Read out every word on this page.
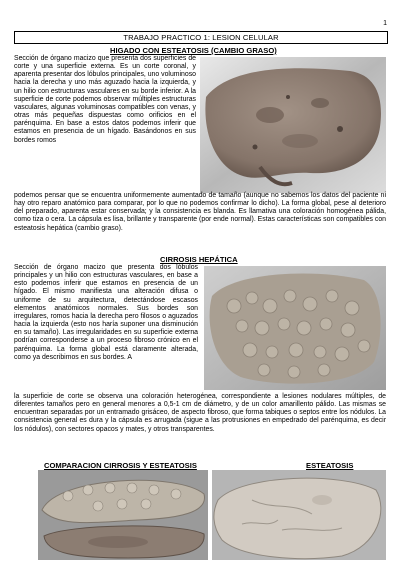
1
TRABAJO PRACTICO 1: LESION CELULAR
HIGADO CON ESTEATOSIS (CAMBIO GRASO)

Sección de órgano macizo que presenta dos superficies de corte y una superficie externa. Es un corte coronal, y aparenta presentar dos lóbulos principales, uno voluminoso hacia la derecha y uno más aguzado hacia la izquierda, y un hilio con estructuras vasculares en su borde inferior. A la superficie de corte podemos observar múltiples estructuras vasculares, algunas voluminosas compatibles con venas, y otras más pequeñas dispuestas como orificios en el parénquima. En base a estos datos podemos inferir que estamos en presencia de un hígado. Basándonos en sus bordes romos

podemos pensar que se encuentra uniformemente aumentado de tamaño (aunque no sabemos los datos del paciente ni hay otro reparo anatómico para comparar, por lo que no podemos confirmar lo dicho). La forma global, pese al deterioro del preparado, aparenta estar conservada; y la consistencia es blanda. Es llamativa una coloración homogénea pálida, como tiza o cera. La cápsula es lisa, brillante y transparente (por ende normal). Estas características son compatibles con esteatosis hepática (cambio graso).

CIRROSIS HEPÁTICA

Sección de órgano macizo que presenta dos lóbulos principales y un hilio con estructuras vasculares, en base a esto podemos inferir que estamos en presencia de un hígado. El mismo manifiesta una alteración difusa o uniforme de su arquitectura, detectándose escasos elementos anatómicos normales. Sus bordes son irregulares, romos hacia la derecha pero filosos o aguzados hacia la izquierda (esto nos haría suponer una disminución en su tamaño). Las irregularidades en su superficie externa podrían corresponderse a un proceso fibroso crónico en el parénquima. La forma global está claramente alterada, como ya describimos en sus bordes. A

la superficie de corte se observa una coloración heterogénea, correspondiente a lesiones nodulares múltiples, de diferentes tamaños pero en general menores a 0,5-1 cm de diámetro, y de un color amarillento pálido. Las mismas se encuentran separadas por un entramado grisáceo, de aspecto fibroso, que forma tabiques o septos entre los nódulos. La consistencia general es dura y la cápsula es arrugada (sigue a las protrusiones en empedrado del parénquima, es decir los nódulos), con sectores opacos y mates, y otros transparentes.

COMPARACION CIRROSIS Y ESTEATOSIS	ESTEATOSIS
